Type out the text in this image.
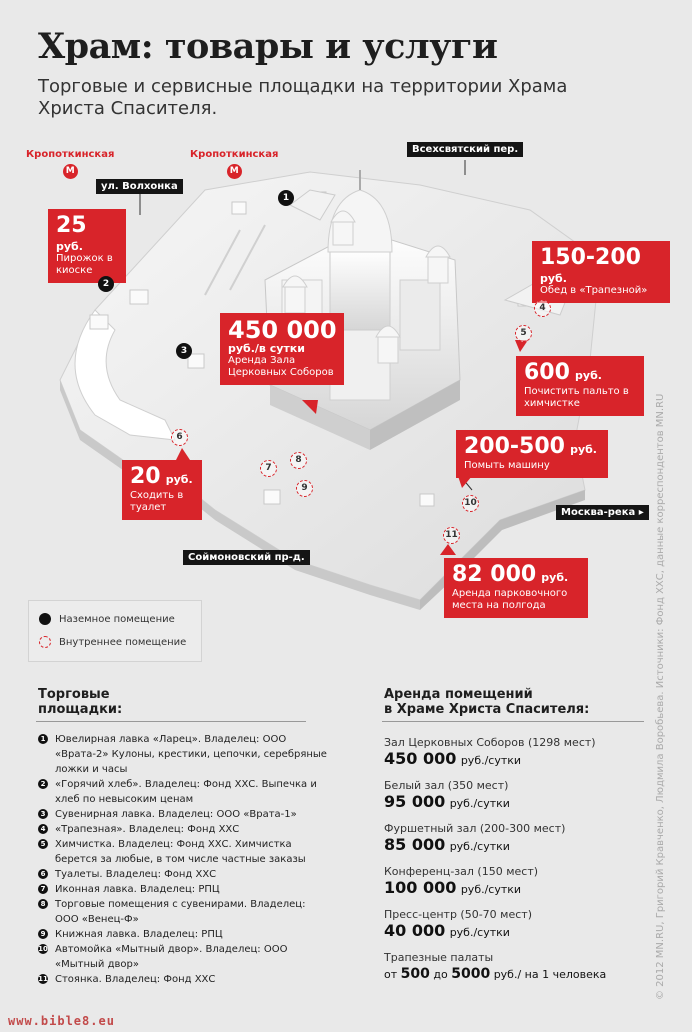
Храм: товары и услуги
Торговые и сервисные площадки на территории Храма Христа Спасителя.
© 2012 MN.RU, Григорий Кравченко, Людмила Воробьева. Источники: Фонд ХХС, данные корреспондентов MN.RU
Кропоткинская
М
Кропоткинская
М
ул. Волхонка
Всехсвятский пер.
Соймоновский пр-д.
Москва-река ▸
25 руб.
Пирожок в киоске
150-200 руб.
Обед в «Трапезной»
450 000
руб./в сутки
Аренда Зала Церковных Соборов	600 руб.
Почистить пальто в химчистке
200-500 руб.
Помыть машину
20 руб.
Сходить в туалет
82 000 руб.
Аренда парковочного места на полгода
1
2
3
4
5
6
7
8
9
10
11
Наземное помещение
Внутреннее помещение
Торговые
площадки:
1 Ювелирная лавка «Ларец». Владелец: ООО «Врата-2» Кулоны, крестики, цепочки, серебряные ложки и часы
2 «Горячий хлеб». Владелец: Фонд ХХС. Выпечка и хлеб по невысоким ценам
3 Сувенирная лавка. Владелец: ООО «Врата-1»
4 «Трапезная». Владелец: Фонд ХХС
5 Химчистка. Владелец: Фонд ХХС. Химчистка берется за любые, в том числе частные заказы
6 Туалеты. Владелец: Фонд ХХС
7 Иконная лавка. Владелец: РПЦ
8 Торговые помещения с сувенирами. Владелец: ООО «Венец-Ф»
9 Книжная лавка. Владелец: РПЦ
10 Автомойка «Мытный двор». Владелец: ООО «Мытный двор»
11 Стоянка. Владелец: Фонд ХХС
Аренда помещений
в Храме Христа Спасителя:
Зал Церковных Соборов (1298 мест)
450 000 руб./сутки
Белый зал (350 мест)
95 000 руб./сутки
Фуршетный зал (200-300 мест)
85 000 руб./сутки
Конференц-зал (150 мест)
100 000 руб./сутки
Пресс-центр (50-70 мест)
40 000 руб./сутки
Трапезные палаты
от 500 до 5000 руб./ на 1 человека
www.bible8.eu
